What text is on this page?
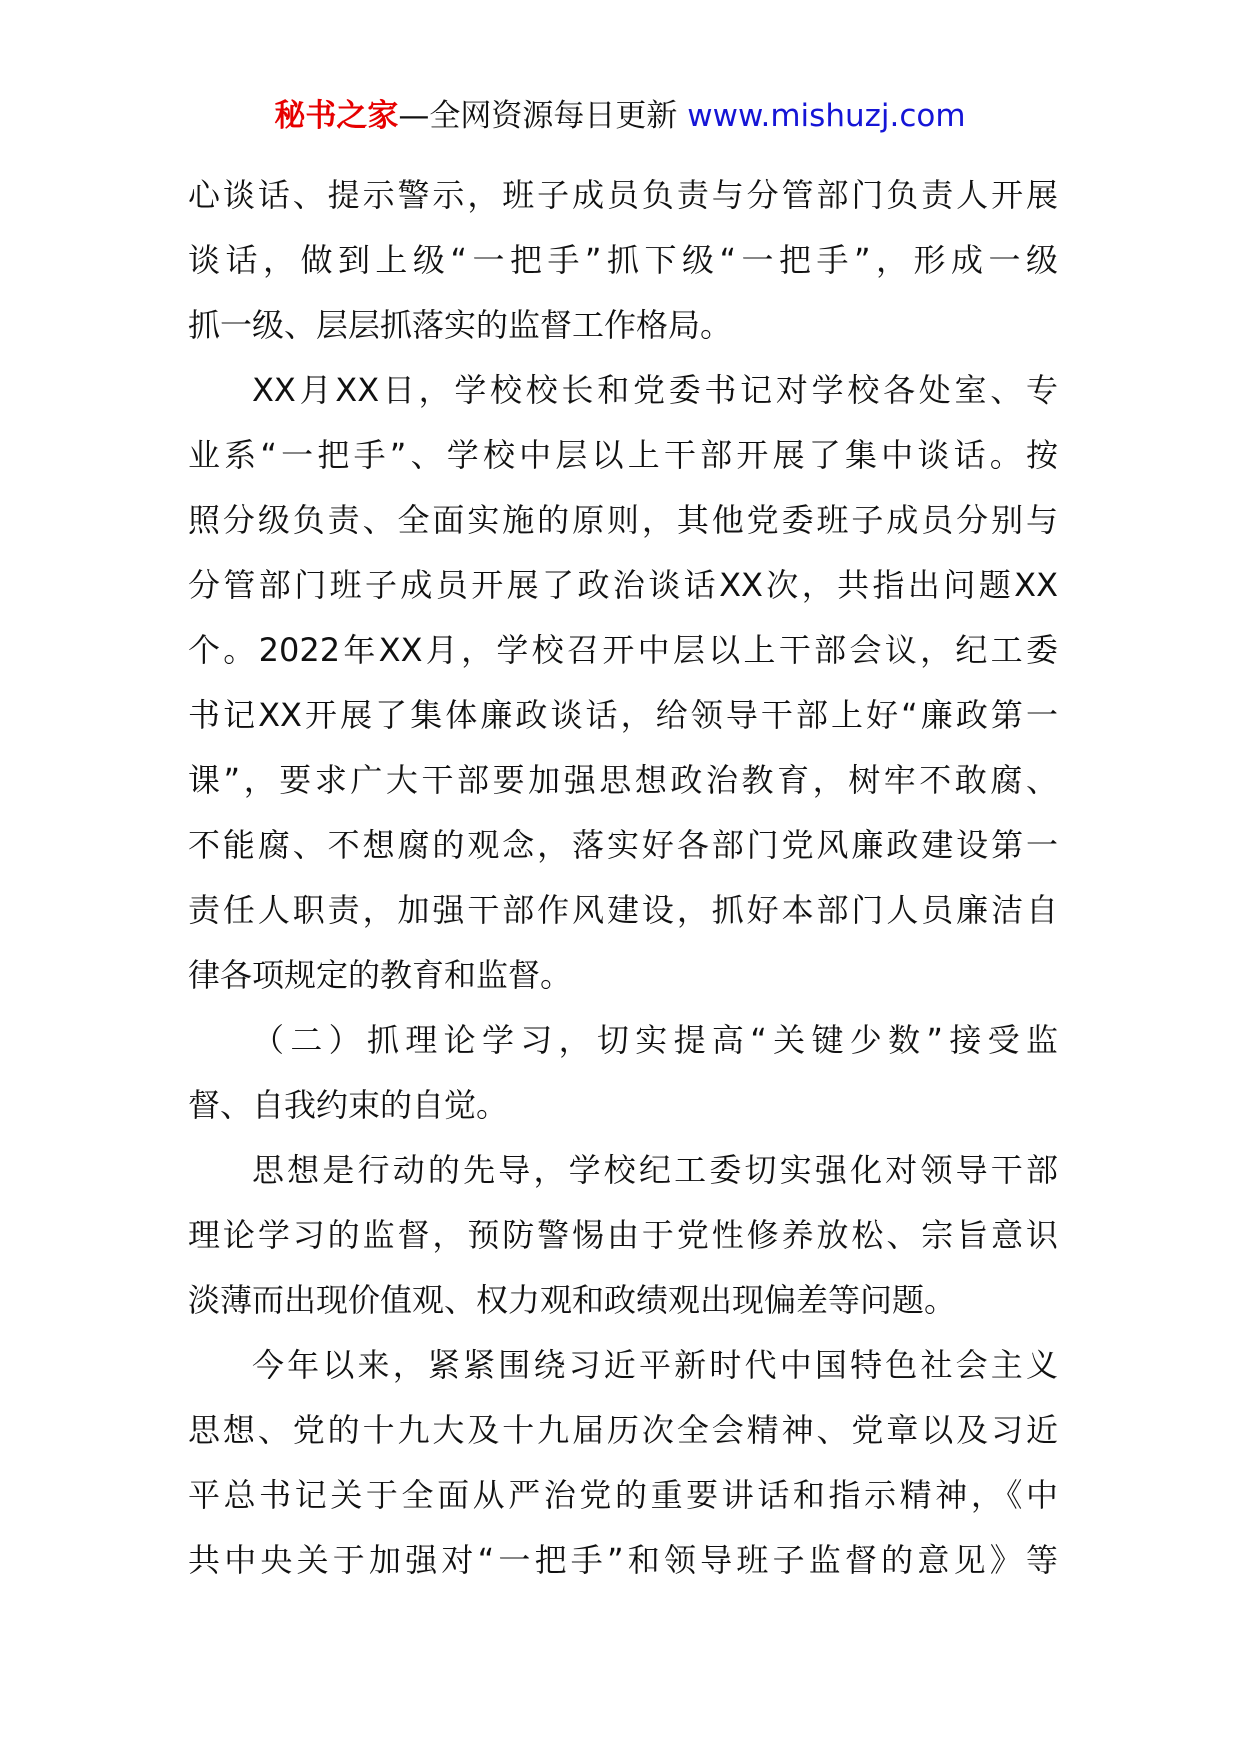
秘书之家—全网资源每日更新 www.mishuzj.com
心谈话、提示警示，班子成员负责与分管部门负责人开展
谈话，做到上级“一把手”抓下级“一把手”，形成一级
抓一级、层层抓落实的监督工作格局。
XX月XX日，学校校长和党委书记对学校各处室、专
业系“一把手”、学校中层以上干部开展了集中谈话。按
照分级负责、全面实施的原则，其他党委班子成员分别与
分管部门班子成员开展了政治谈话XX次，共指出问题XX
个。2022年XX月，学校召开中层以上干部会议，纪工委
书记XX开展了集体廉政谈话，给领导干部上好“廉政第一
课”，要求广大干部要加强思想政治教育，树牢不敢腐、
不能腐、不想腐的观念，落实好各部门党风廉政建设第一
责任人职责，加强干部作风建设，抓好本部门人员廉洁自
律各项规定的教育和监督。
（二）抓理论学习，切实提高“关键少数”接受监
督、自我约束的自觉。
思想是行动的先导，学校纪工委切实强化对领导干部
理论学习的监督，预防警惕由于党性修养放松、宗旨意识
淡薄而出现价值观、权力观和政绩观出现偏差等问题。
今年以来，紧紧围绕习近平新时代中国特色社会主义
思想、党的十九大及十九届历次全会精神、党章以及习近
平总书记关于全面从严治党的重要讲话和指示精神，《中
共中央关于加强对“一把手”和领导班子监督的意见》等
